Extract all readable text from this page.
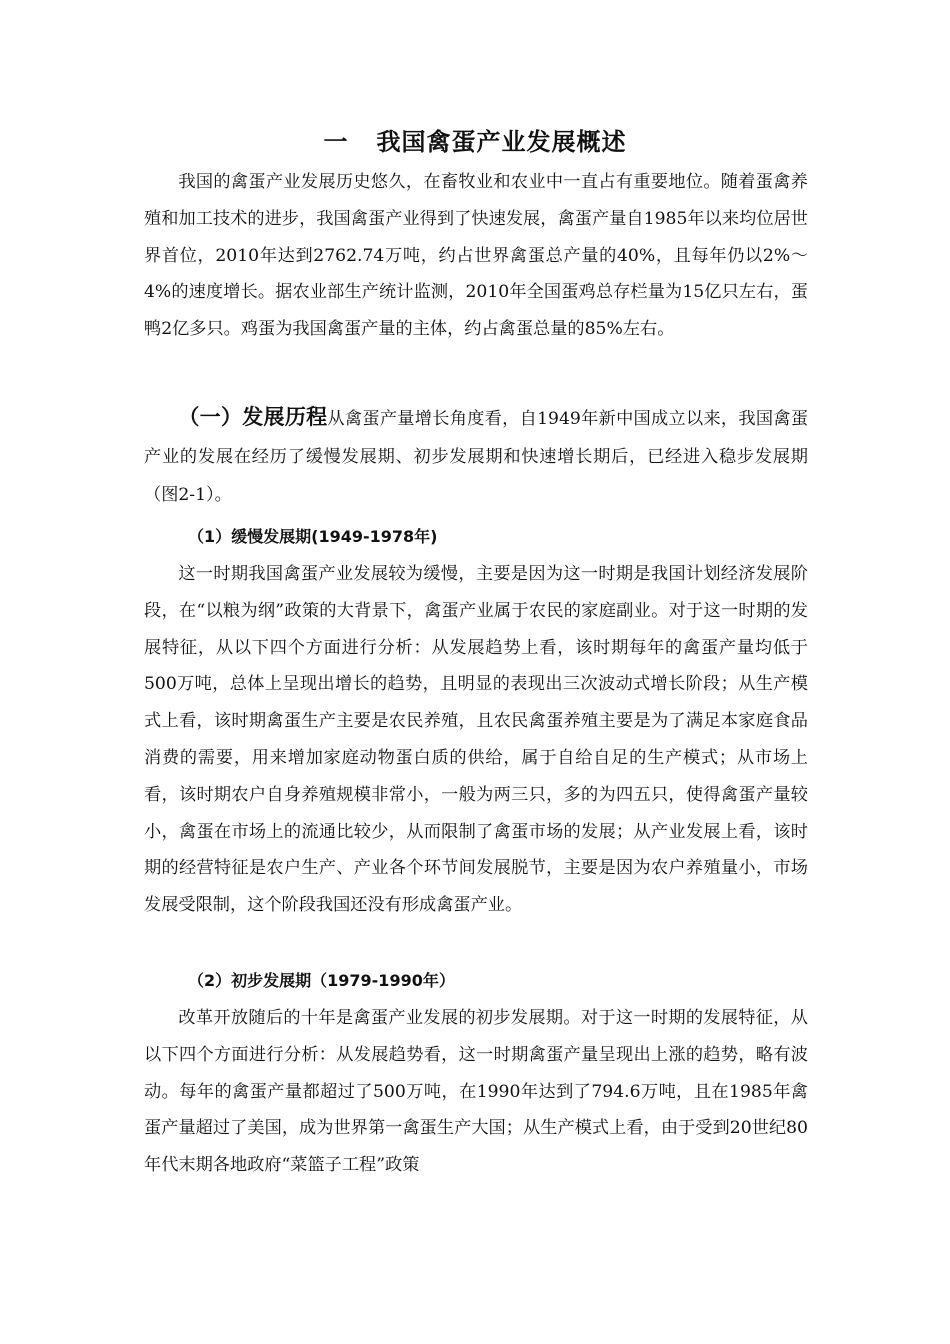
一 我国禽蛋产业发展概述

我国的禽蛋产业发展历史悠久，在畜牧业和农业中一直占有重要地位。随着蛋禽养殖和加工技术的进步，我国禽蛋产业得到了快速发展，禽蛋产量自1985年以来均位居世界首位，2010年达到2762.74万吨，约占世界禽蛋总产量的40%，且每年仍以2%～4%的速度增长。据农业部生产统计监测，2010年全国蛋鸡总存栏量为15亿只左右，蛋鸭2亿多只。鸡蛋为我国禽蛋产量的主体，约占禽蛋总量的85%左右。

（一）发展历程从禽蛋产量增长角度看，自1949年新中国成立以来，我国禽蛋产业的发展在经历了缓慢发展期、初步发展期和快速增长期后，已经进入稳步发展期（图2-1）。

（1）缓慢发展期(1949-1978年)

这一时期我国禽蛋产业发展较为缓慢，主要是因为这一时期是我国计划经济发展阶段，在“以粮为纲”政策的大背景下，禽蛋产业属于农民的家庭副业。对于这一时期的发展特征，从以下四个方面进行分析：从发展趋势上看，该时期每年的禽蛋产量均低于500万吨，总体上呈现出增长的趋势，且明显的表现出三次波动式增长阶段；从生产模式上看，该时期禽蛋生产主要是农民养殖，且农民禽蛋养殖主要是为了满足本家庭食品消费的需要，用来增加家庭动物蛋白质的供给，属于自给自足的生产模式；从市场上看，该时期农户自身养殖规模非常小，一般为两三只，多的为四五只，使得禽蛋产量较小，禽蛋在市场上的流通比较少，从而限制了禽蛋市场的发展；从产业发展上看，该时期的经营特征是农户生产、产业各个环节间发展脱节，主要是因为农户养殖量小，市场发展受限制，这个阶段我国还没有形成禽蛋产业。

（2）初步发展期（1979-1990年）

改革开放随后的十年是禽蛋产业发展的初步发展期。对于这一时期的发展特征，从以下四个方面进行分析：从发展趋势看，这一时期禽蛋产量呈现出上涨的趋势，略有波动。每年的禽蛋产量都超过了500万吨，在1990年达到了794.6万吨，且在1985年禽蛋产量超过了美国，成为世界第一禽蛋生产大国；从生产模式上看，由于受到20世纪80年代末期各地政府“菜篮子工程”政策
